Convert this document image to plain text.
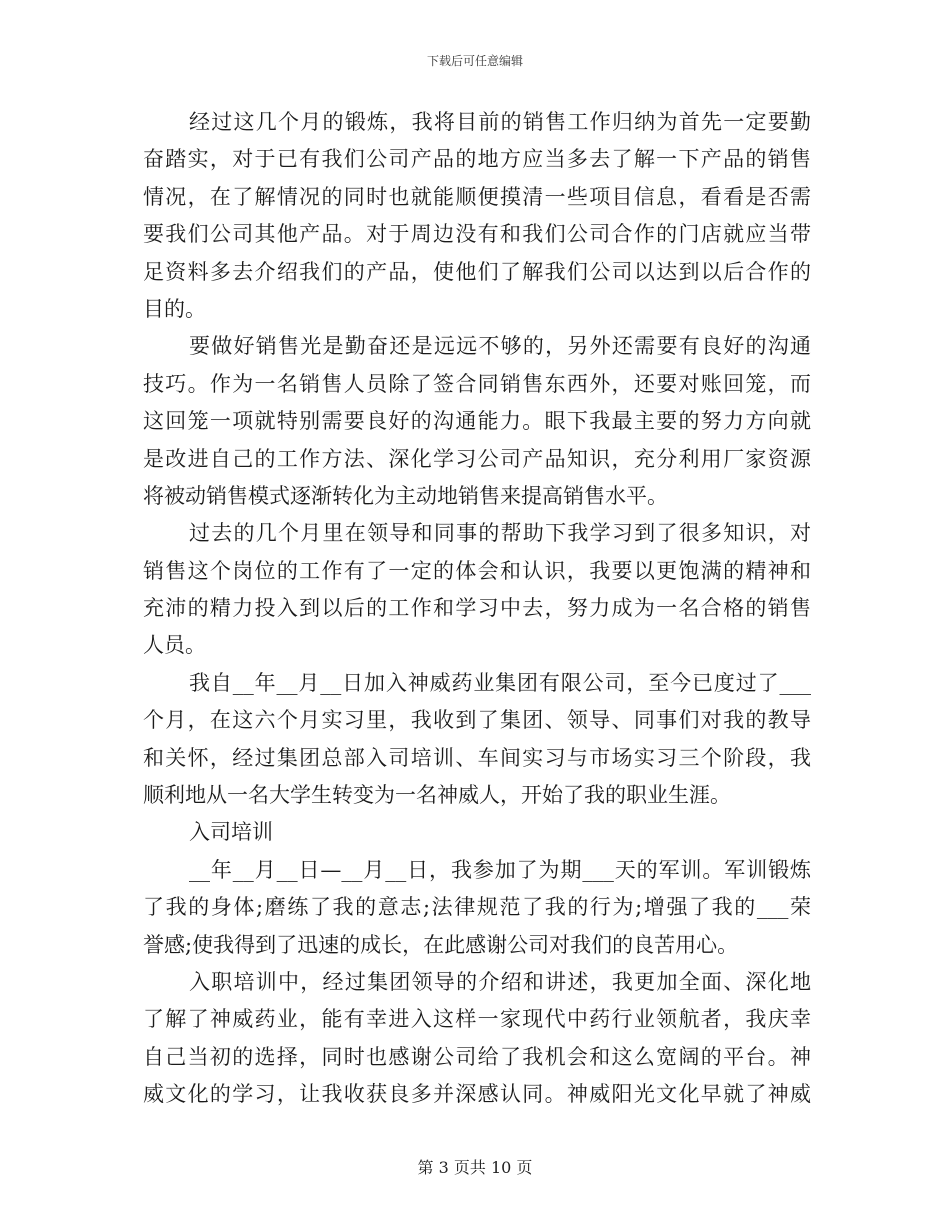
下载后可任意编辑
经过这几个月的锻炼，我将目前的销售工作归纳为首先一定要勤
奋踏实，对于已有我们公司产品的地方应当多去了解一下产品的销售
情况，在了解情况的同时也就能顺便摸清一些项目信息，看看是否需
要我们公司其他产品。对于周边没有和我们公司合作的门店就应当带
足资料多去介绍我们的产品，使他们了解我们公司以达到以后合作的
目的。
要做好销售光是勤奋还是远远不够的，另外还需要有良好的沟通
技巧。作为一名销售人员除了签合同销售东西外，还要对账回笼，而
这回笼一项就特别需要良好的沟通能力。眼下我最主要的努力方向就
是改进自己的工作方法、深化学习公司产品知识，充分利用厂家资源
将被动销售模式逐渐转化为主动地销售来提高销售水平。
过去的几个月里在领导和同事的帮助下我学习到了很多知识，对
销售这个岗位的工作有了一定的体会和认识，我要以更饱满的精神和
充沛的精力投入到以后的工作和学习中去，努力成为一名合格的销售
人员。
我自__年__月__日加入神威药业集团有限公司，至今已度过了___
个月，在这六个月实习里，我收到了集团、领导、同事们对我的教导
和关怀，经过集团总部入司培训、车间实习与市场实习三个阶段，我
顺利地从一名大学生转变为一名神威人，开始了我的职业生涯。
入司培训
__年__月__日—__月__日，我参加了为期___天的军训。军训锻炼
了我的身体;磨练了我的意志;法律规范了我的行为;增强了我的___荣
誉感;使我得到了迅速的成长，在此感谢公司对我们的良苦用心。
入职培训中，经过集团领导的介绍和讲述，我更加全面、深化地
了解了神威药业，能有幸进入这样一家现代中药行业领航者，我庆幸
自己当初的选择，同时也感谢公司给了我机会和这么宽阔的平台。神
威文化的学习，让我收获良多并深感认同。神威阳光文化早就了神威
第 3 页共 10 页
